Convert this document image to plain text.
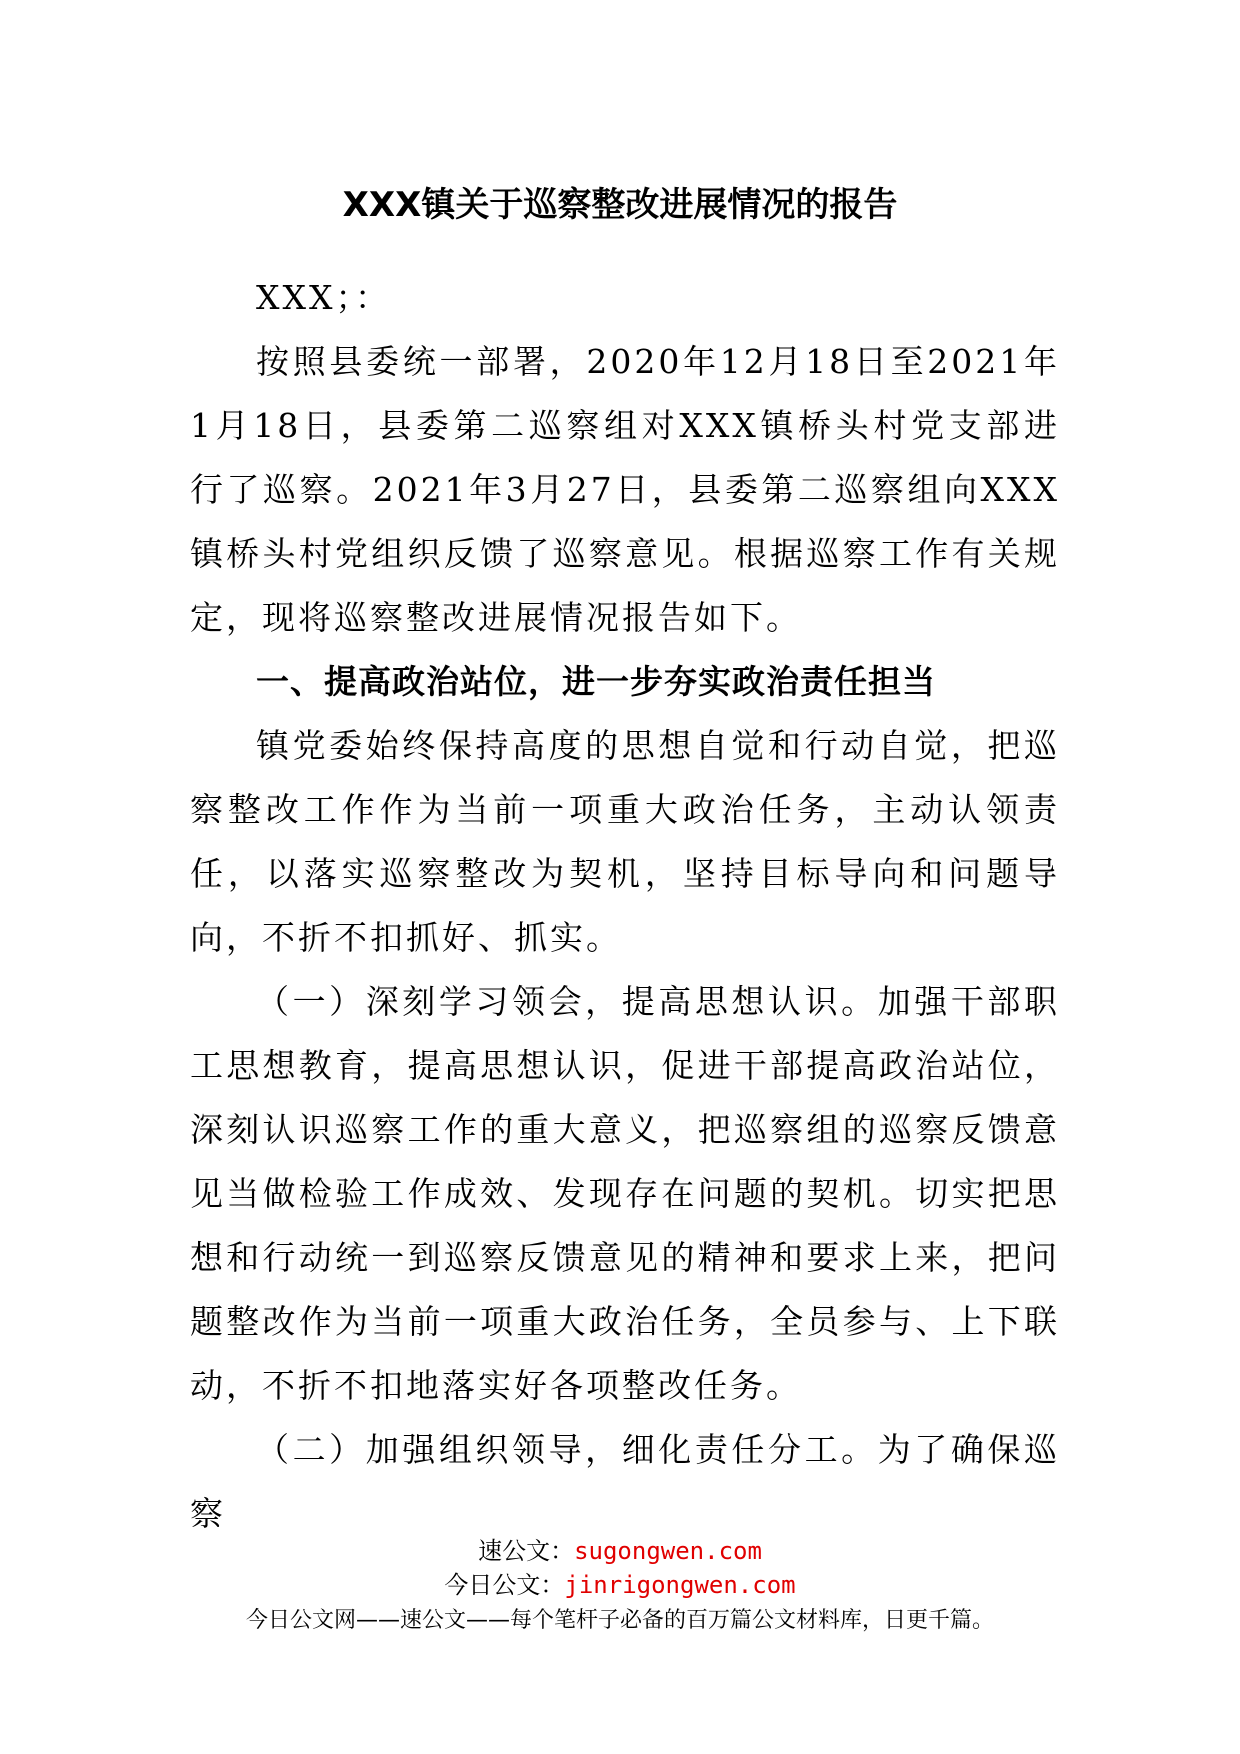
XXX镇关于巡察整改进展情况的报告

XXX；：

按照县委统一部署，2020年12月18日至2021年1月18日，县委第二巡察组对XXX镇桥头村党支部进行了巡察。2021年3月27日，县委第二巡察组向XXX镇桥头村党组织反馈了巡察意见。根据巡察工作有关规定，现将巡察整改进展情况报告如下。

一、提高政治站位，进一步夯实政治责任担当

镇党委始终保持高度的思想自觉和行动自觉，把巡察整改工作作为当前一项重大政治任务，主动认领责任，以落实巡察整改为契机，坚持目标导向和问题导向，不折不扣抓好、抓实。

（一）深刻学习领会，提高思想认识。加强干部职工思想教育，提高思想认识，促进干部提高政治站位，深刻认识巡察工作的重大意义，把巡察组的巡察反馈意见当做检验工作成效、发现存在问题的契机。切实把思想和行动统一到巡察反馈意见的精神和要求上来，把问题整改作为当前一项重大政治任务，全员参与、上下联动，不折不扣地落实好各项整改任务。

（二）加强组织领导，细化责任分工。为了确保巡察

速公文：sugongwen.com
今日公文：jinrigongwen.com
今日公文网——速公文——每个笔杆子必备的百万篇公文材料库，日更千篇。
